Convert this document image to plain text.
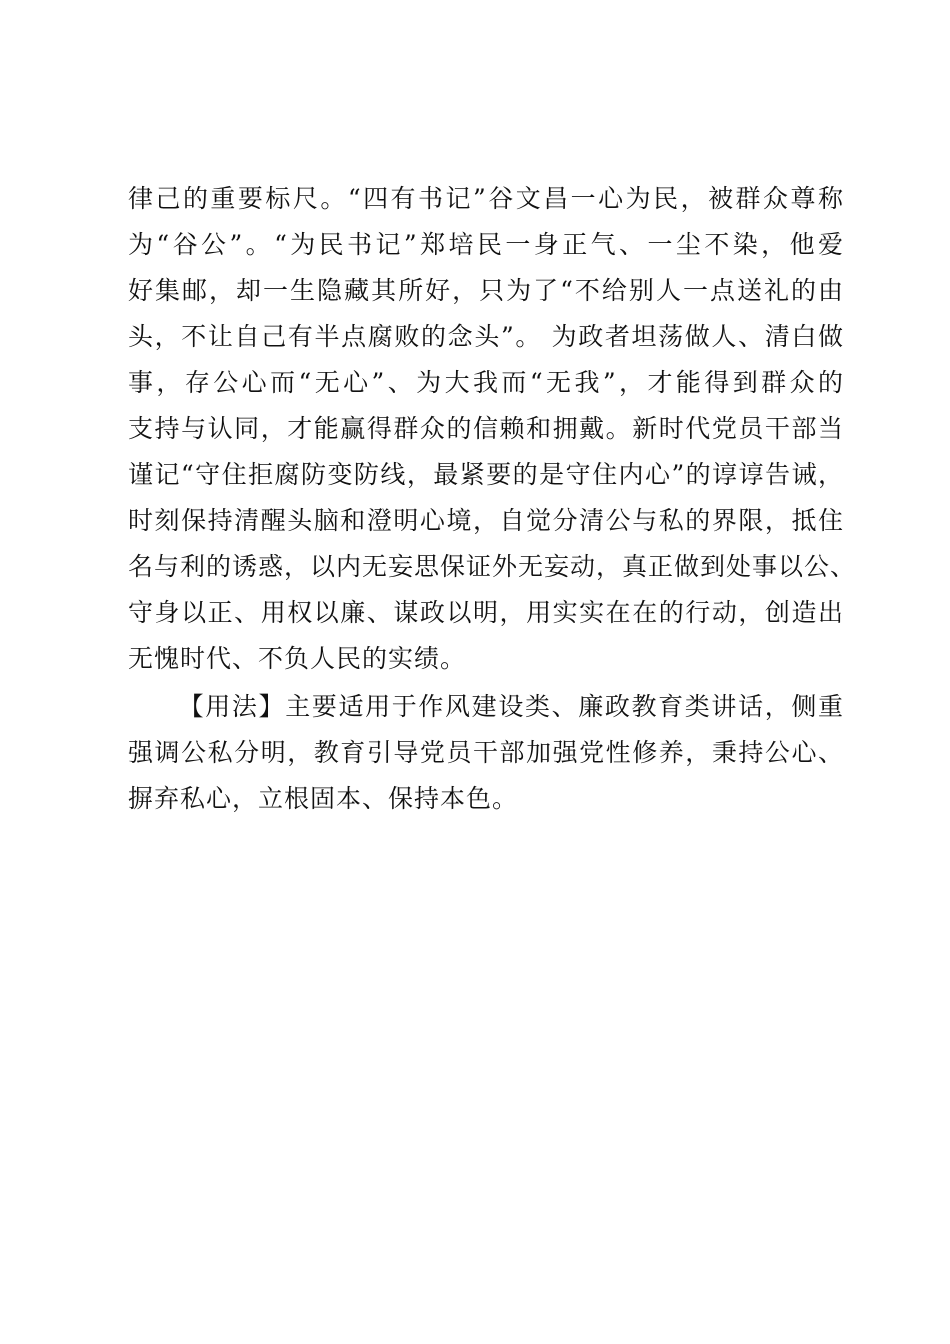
律己的重要标尺。“四有书记”谷文昌一心为民，被群众尊称
为“谷公”。“为民书记”郑培民一身正气、一尘不染，他爱
好集邮，却一生隐藏其所好，只为了“不给别人一点送礼的由
头，不让自己有半点腐败的念头”。 为政者坦荡做人、清白做
事，存公心而“无心”、为大我而“无我”，才能得到群众的
支持与认同，才能赢得群众的信赖和拥戴。新时代党员干部当
谨记“守住拒腐防变防线，最紧要的是守住内心”的谆谆告诫，
时刻保持清醒头脑和澄明心境，自觉分清公与私的界限，抵住
名与利的诱惑，以内无妄思保证外无妄动，真正做到处事以公、
守身以正、用权以廉、谋政以明，用实实在在的行动，创造出
无愧时代、不负人民的实绩。
【用法】主要适用于作风建设类、廉政教育类讲话，侧重
强调公私分明，教育引导党员干部加强党性修养，秉持公心、
摒弃私心，立根固本、保持本色。
